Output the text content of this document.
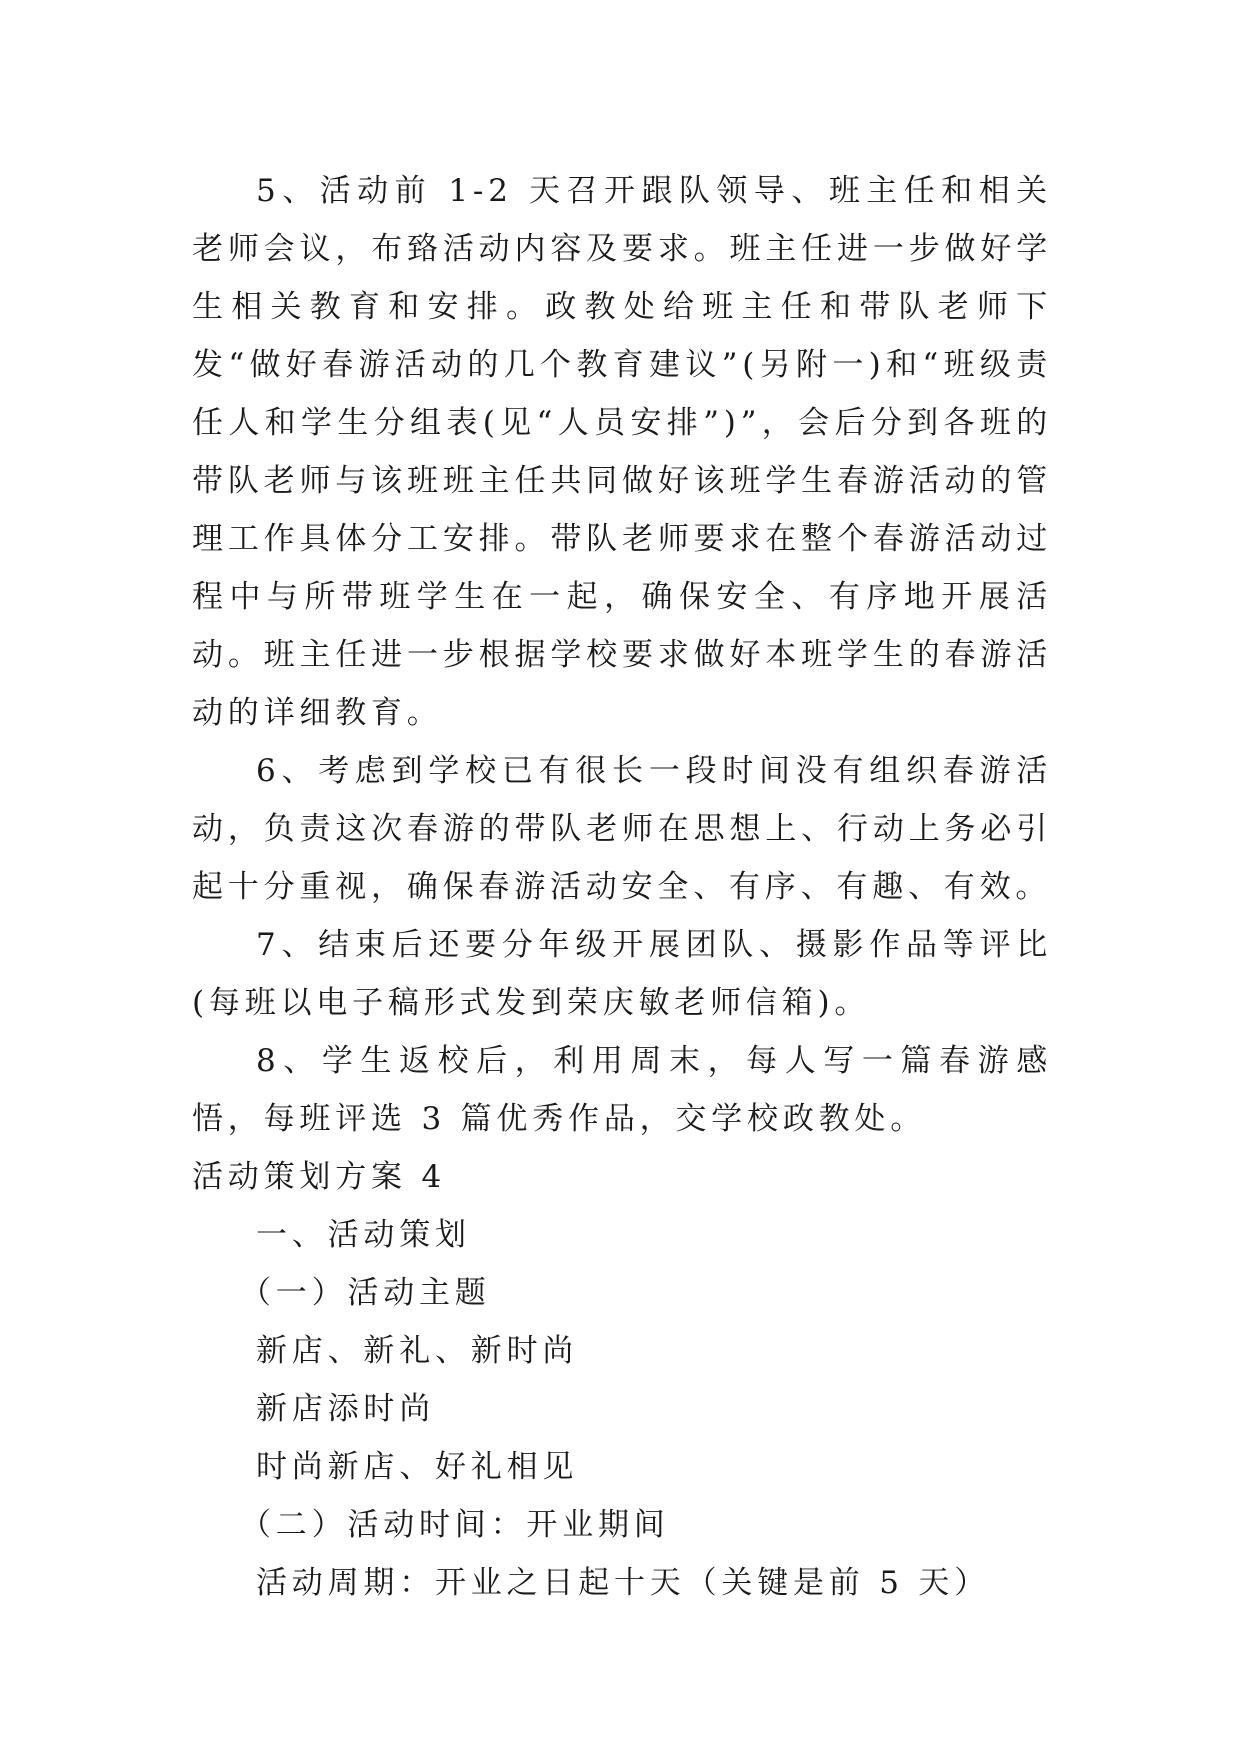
5、活动前 1-2 天召开跟队领导、班主任和相关老师会议，布臵活动内容及要求。班主任进一步做好学生相关教育和安排。政教处给班主任和带队老师下发“做好春游活动的几个教育建议”(另附一)和“班级责任人和学生分组表(见“人员安排”)”，会后分到各班的带队老师与该班班主任共同做好该班学生春游活动的管理工作具体分工安排。带队老师要求在整个春游活动过程中与所带班学生在一起，确保安全、有序地开展活动。班主任进一步根据学校要求做好本班学生的春游活动的详细教育。

6、考虑到学校已有很长一段时间没有组织春游活动，负责这次春游的带队老师在思想上、行动上务必引起十分重视，确保春游活动安全、有序、有趣、有效。

7、结束后还要分年级开展团队、摄影作品等评比(每班以电子稿形式发到荣庆敏老师信箱)。

8、学生返校后，利用周末，每人写一篇春游感悟，每班评选 3 篇优秀作品，交学校政教处。

活动策划方案 4

一、活动策划

（一）活动主题

新店、新礼、新时尚

新店添时尚

时尚新店、好礼相见

（二）活动时间：开业期间

活动周期：开业之日起十天（关键是前 5 天）
